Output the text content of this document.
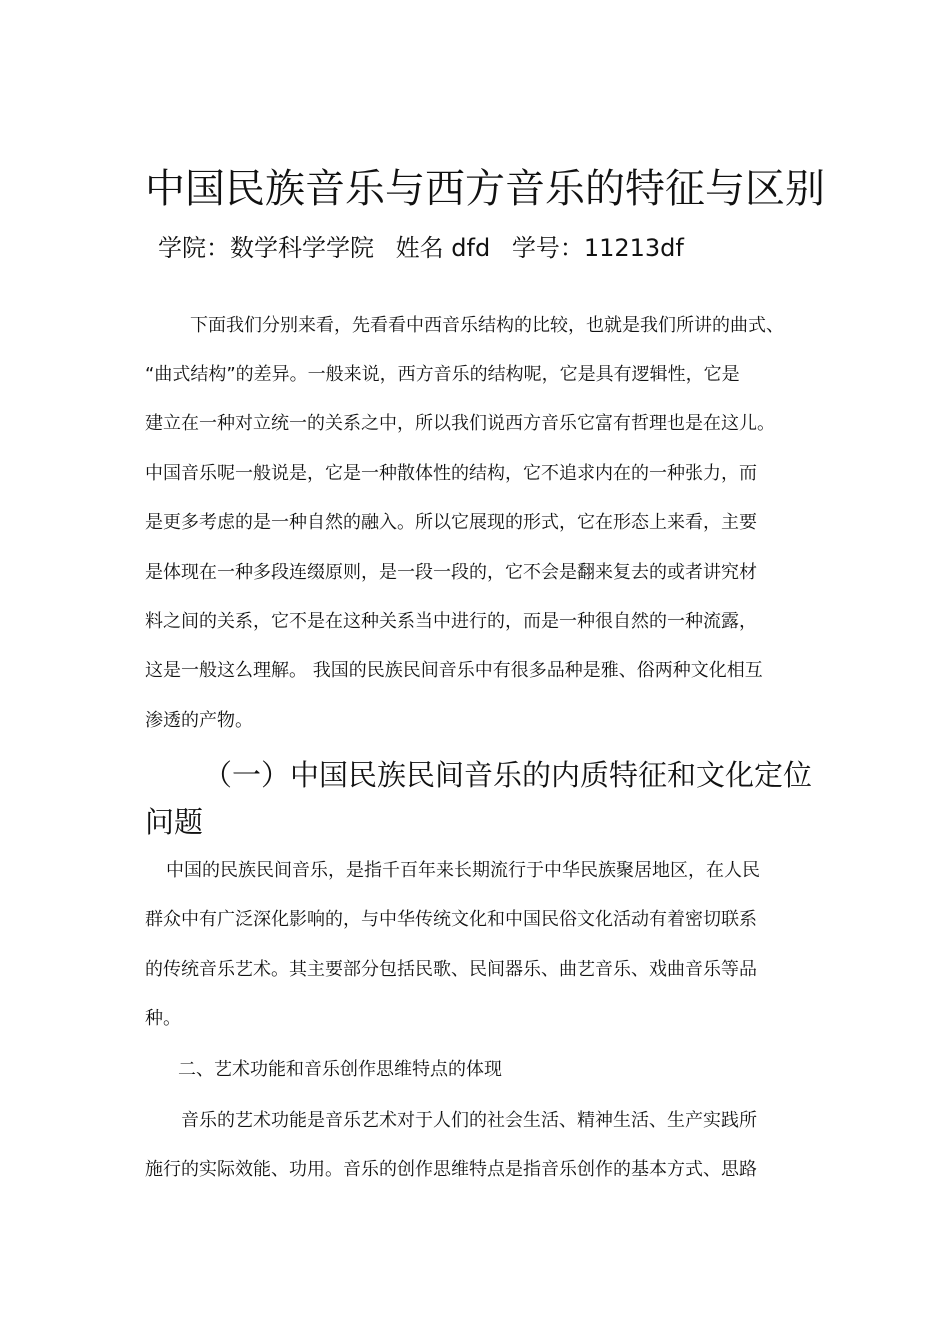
中国民族音乐与西方音乐的特征与区别
学院：数学科学学院 姓名 dfd 学号：11213df
下面我们分别来看，先看看中西音乐结构的比较，也就是我们所讲的曲式、
“曲式结构”的差异。一般来说，西方音乐的结构呢，它是具有逻辑性，它是
建立在一种对立统一的关系之中，所以我们说西方音乐它富有哲理也是在这儿。
中国音乐呢一般说是，它是一种散体性的结构，它不追求内在的一种张力，而
是更多考虑的是一种自然的融入。所以它展现的形式，它在形态上来看，主要
是体现在一种多段连缀原则，是一段一段的，它不会是翻来复去的或者讲究材
料之间的关系，它不是在这种关系当中进行的，而是一种很自然的一种流露，
这是一般这么理解。 我国的民族民间音乐中有很多品种是雅、俗两种文化相互
渗透的产物。
（一）中国民族民间音乐的内质特征和文化定位
问题
中国的民族民间音乐，是指千百年来长期流行于中华民族聚居地区，在人民
群众中有广泛深化影响的，与中华传统文化和中国民俗文化活动有着密切联系
的传统音乐艺术。其主要部分包括民歌、民间器乐、曲艺音乐、戏曲音乐等品
种。
二、艺术功能和音乐创作思维特点的体现
音乐的艺术功能是音乐艺术对于人们的社会生活、精神生活、生产实践所
施行的实际效能、功用。音乐的创作思维特点是指音乐创作的基本方式、思路
